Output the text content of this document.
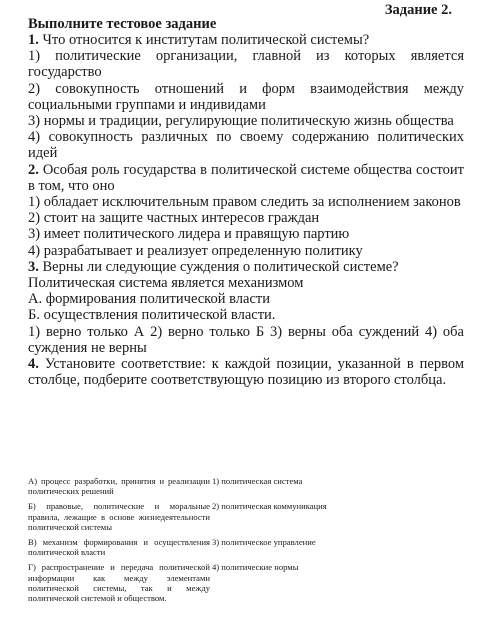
Задание 2.

Выполните тестовое задание

1. Что относится к институтам политической системы?

1) политические организации, главной из которых является государство

2) совокупность отношений и форм взаимодействия между социальными группами и индивидами

3) нормы и традиции, регулирующие политическую жизнь общества

4) совокупность различных по своему содержанию политических идей

2. Особая роль государства в политической системе общества состоит в том, что оно

1) обладает исключительным правом следить за исполнением законов

2) стоит на защите частных интересов граждан

3) имеет политического лидера и правящую партию

4) разрабатывает и реализует определенную политику

3. Верны ли следующие суждения о политической системе?

Политическая система является механизмом

А. формирования политической власти

Б. осуществления политической власти.

1) верно только А 2) верно только Б 3) верны оба суждений 4) оба суждения не верны

4. Установите соответствие: к каждой позиции, указанной в первом столбце, подберите соответствующую позицию из второго столбца.

А) процесс разработки, принятия и реализации политических решений	1) политическая система
Б) правовые, политические и моральные правила, лежащие в основе жизнедеятельности политической системы	2) политическая коммуникация
В) механизм формирования и осуществления политической власти	3) политическое управление
Г) распространение и передача политической информации как между элементами политической системы, так и между политической системой и обществом.	4) политические нормы
